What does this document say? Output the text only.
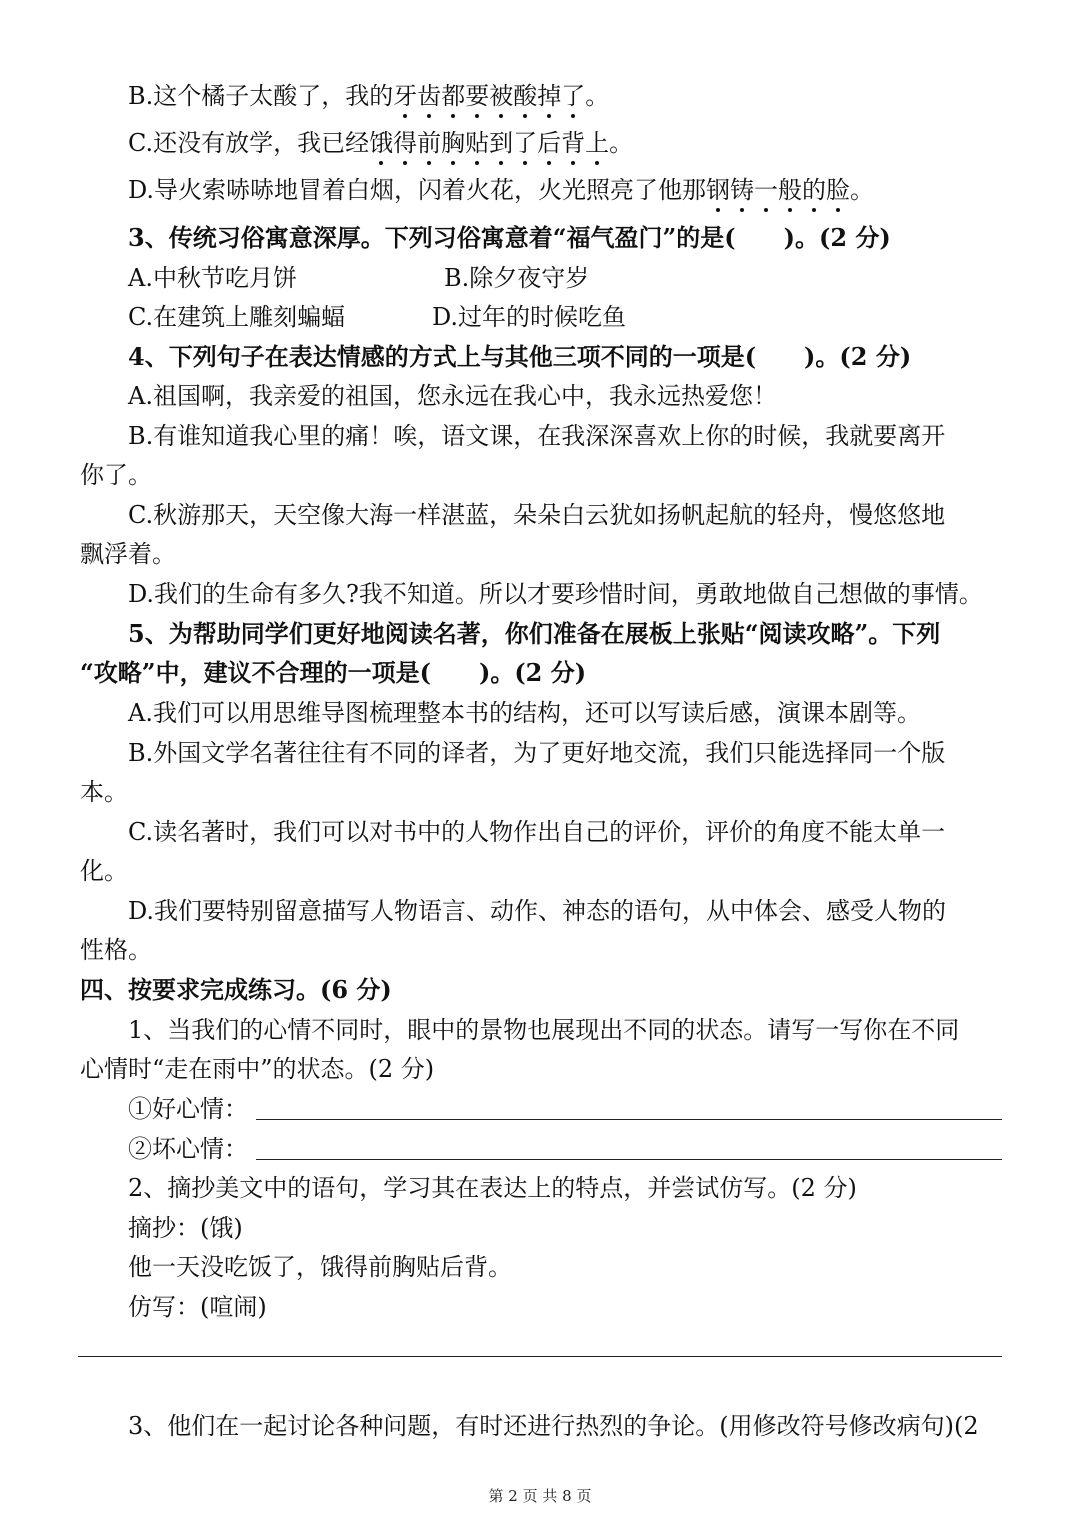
B.这个橘子太酸了，我的牙齿都要被酸掉了。
C.还没有放学，我已经饿得前胸贴到了后背上。
D.导火索哧哧地冒着白烟，闪着火花，火光照亮了他那钢铸一般的脸。
3、传统习俗寓意深厚。下列习俗寓意着“福气盈门”的是(　　)。(2 分)
A.中秋节吃月饼	B.除夕夜守岁
C.在建筑上雕刻蝙蝠	D.过年的时候吃鱼
4、下列句子在表达情感的方式上与其他三项不同的一项是(　　)。(2 分)
A.祖国啊，我亲爱的祖国，您永远在我心中，我永远热爱您！
B.有谁知道我心里的痛！唉，语文课，在我深深喜欢上你的时候，我就要离开
你了。
C.秋游那天，天空像大海一样湛蓝，朵朵白云犹如扬帆起航的轻舟，慢悠悠地
飘浮着。
D.我们的生命有多久?我不知道。所以才要珍惜时间，勇敢地做自己想做的事情。
5、为帮助同学们更好地阅读名著，你们准备在展板上张贴“阅读攻略”。下列
“攻略”中，建议不合理的一项是(　　)。(2 分)
A.我们可以用思维导图梳理整本书的结构，还可以写读后感，演课本剧等。
B.外国文学名著往往有不同的译者，为了更好地交流，我们只能选择同一个版
本。
C.读名著时，我们可以对书中的人物作出自己的评价，评价的角度不能太单一
化。
D.我们要特别留意描写人物语言、动作、神态的语句，从中体会、感受人物的
性格。
四、按要求完成练习。(6 分)
1、当我们的心情不同时，眼中的景物也展现出不同的状态。请写一写你在不同
心情时“走在雨中”的状态。(2 分)
①好心情：
②坏心情：
2、摘抄美文中的语句，学习其在表达上的特点，并尝试仿写。(2 分)
摘抄：(饿)
他一天没吃饭了，饿得前胸贴后背。
仿写：(喧闹)
3、他们在一起讨论各种问题，有时还进行热烈的争论。(用修改符号修改病句)(2
第 2 页 共 8 页
